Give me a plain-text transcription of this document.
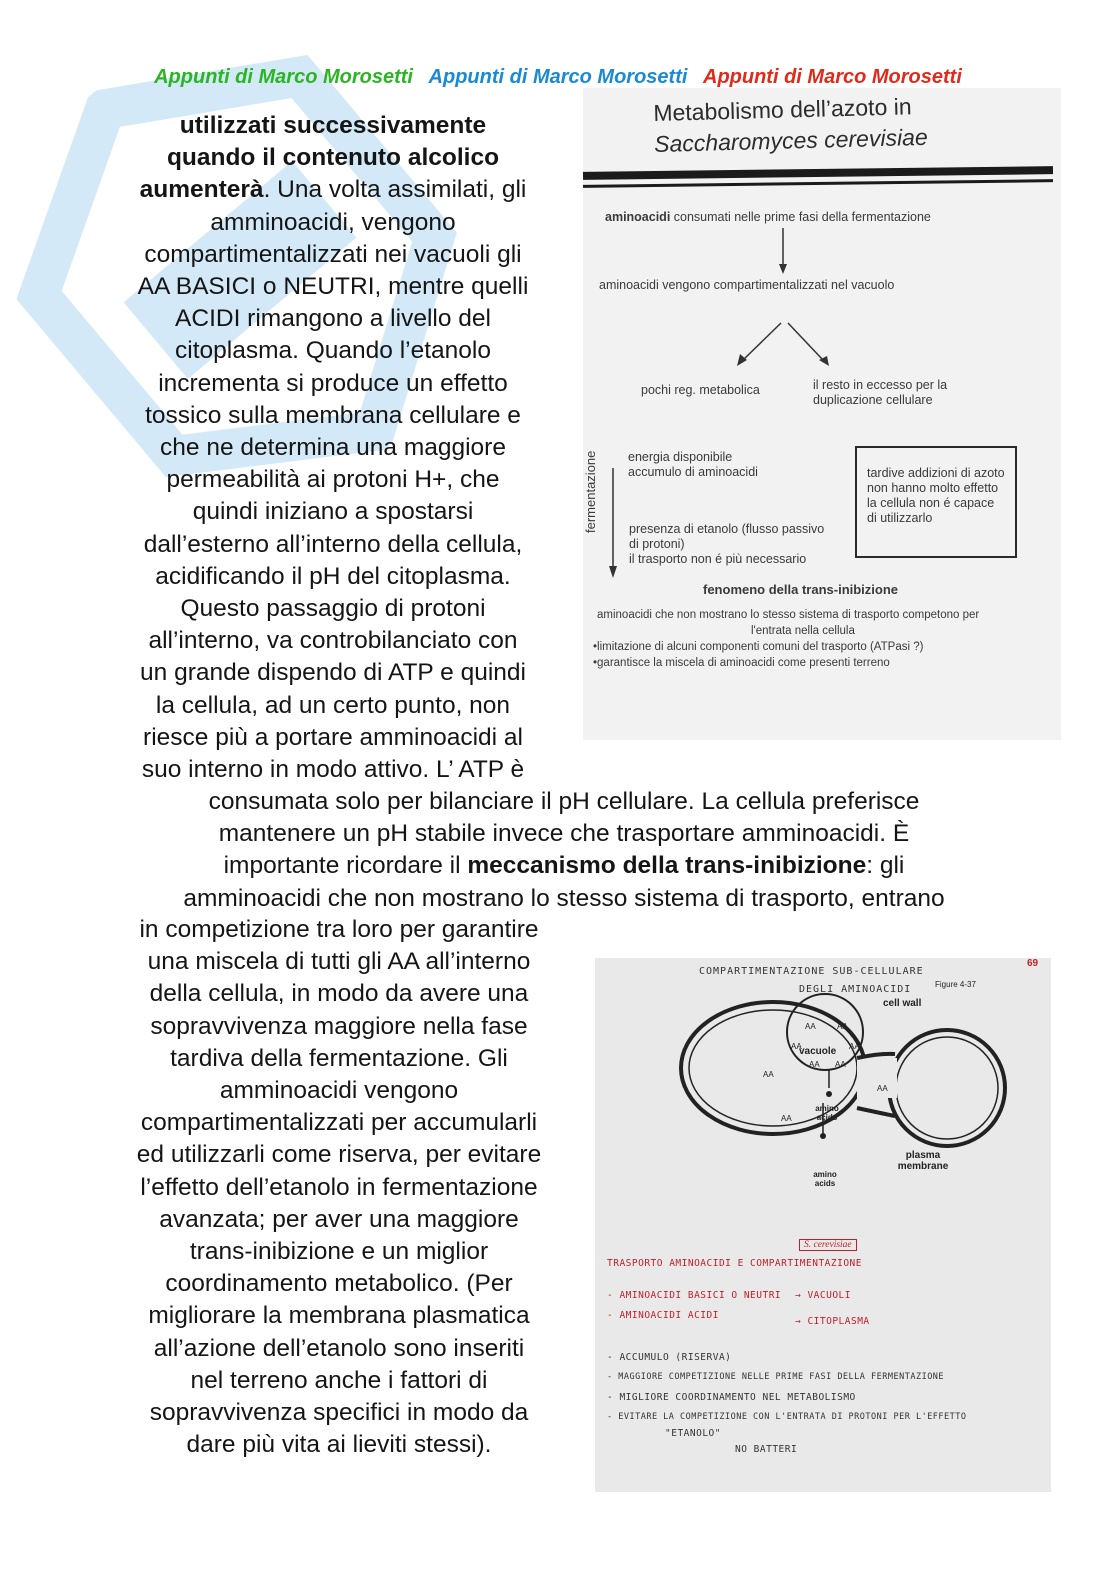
Appunti di Marco Morosetti Appunti di Marco Morosetti Appunti di Marco Morosetti

utilizzati successivamente

quando il contenuto alcolico

aumenterà. Una volta assimilati, gli

amminoacidi, vengono

compartimentalizzati nei vacuoli gli

AA BASICI o NEUTRI, mentre quelli

ACIDI rimangono a livello del

citoplasma. Quando l’etanolo

incrementa si produce un effetto

tossico sulla membrana cellulare e

che ne determina una maggiore

permeabilità ai protoni H+, che

quindi iniziano a spostarsi

dall’esterno all’interno della cellula,

acidificando il pH del citoplasma.

Questo passaggio di protoni

all’interno, va controbilanciato con

un grande dispendo di ATP e quindi

la cellula, ad un certo punto, non

riesce più a portare amminoacidi al

suo interno in modo attivo. L’ ATP è

consumata solo per bilanciare il pH cellulare. La cellula preferisce

mantenere un pH stabile invece che trasportare amminoacidi. È

importante ricordare il meccanismo della trans-inibizione: gli

amminoacidi che non mostrano lo stesso sistema di trasporto, entrano

in competizione tra loro per garantire

una miscela di tutti gli AA all’interno

della cellula, in modo da avere una

sopravvivenza maggiore nella fase

tardiva della fermentazione. Gli

amminoacidi vengono

compartimentalizzati per accumularli

ed utilizzarli come riserva, per evitare

l’effetto dell’etanolo in fermentazione

avanzata; per aver una maggiore

trans-inibizione e un miglior

coordinamento metabolico. (Per

migliorare la membrana plasmatica

all’azione dell’etanolo sono inseriti

nel terreno anche i fattori di

sopravvivenza specifici in modo da

dare più vita ai lieviti stessi).

Metabolismo dell’azoto in
Saccharomyces cerevisiae
aminoacidi consumati nelle prime fasi della fermentazione
aminoacidi vengono compartimentalizzati nel vacuolo
pochi reg. metabolica	il resto in eccesso per la
duplicazione cellulare
fermentazione energia disponibile
accumulo di aminoacidi
presenza di etanolo (flusso passivo
di protoni)
il trasporto non é più necessario
tardive addizioni di azoto
non hanno molto effetto
la cellula non é capace
di utilizzarlo
fenomeno della trans-inibizione
aminoacidi che non mostrano lo stesso sistema di trasporto competono per
l'entrata nella cellula
•limitazione di alcuni componenti comuni del trasporto (ATPasi ?)
•garantisce la miscela di aminoacidi come presenti terreno
COMPARTIMENTAZIONE SUB-CELLULARE
DEGLI AMINOACIDI	Figure 4-37
69
cell wall
vacuole
amino acids
plasma membrane
amino acids
AA	AA
AA	AA
AA AA
AA
AA
AA
S. cerevisiae
TRASPORTO AMINOACIDI E COMPARTIMENTAZIONE
- AMINOACIDI BASICI O NEUTRI → VACUOLI
- AMINOACIDI ACIDI
→ CITOPLASMA
- ACCUMULO (RISERVA)
- MAGGIORE COMPETIZIONE NELLE PRIME FASI DELLA FERMENTAZIONE
- MIGLIORE COORDINAMENTO NEL METABOLISMO
- EVITARE LA COMPETIZIONE CON L'ENTRATA DI PROTONI PER L'EFFETTO
"ETANOLO"
NO BATTERI
